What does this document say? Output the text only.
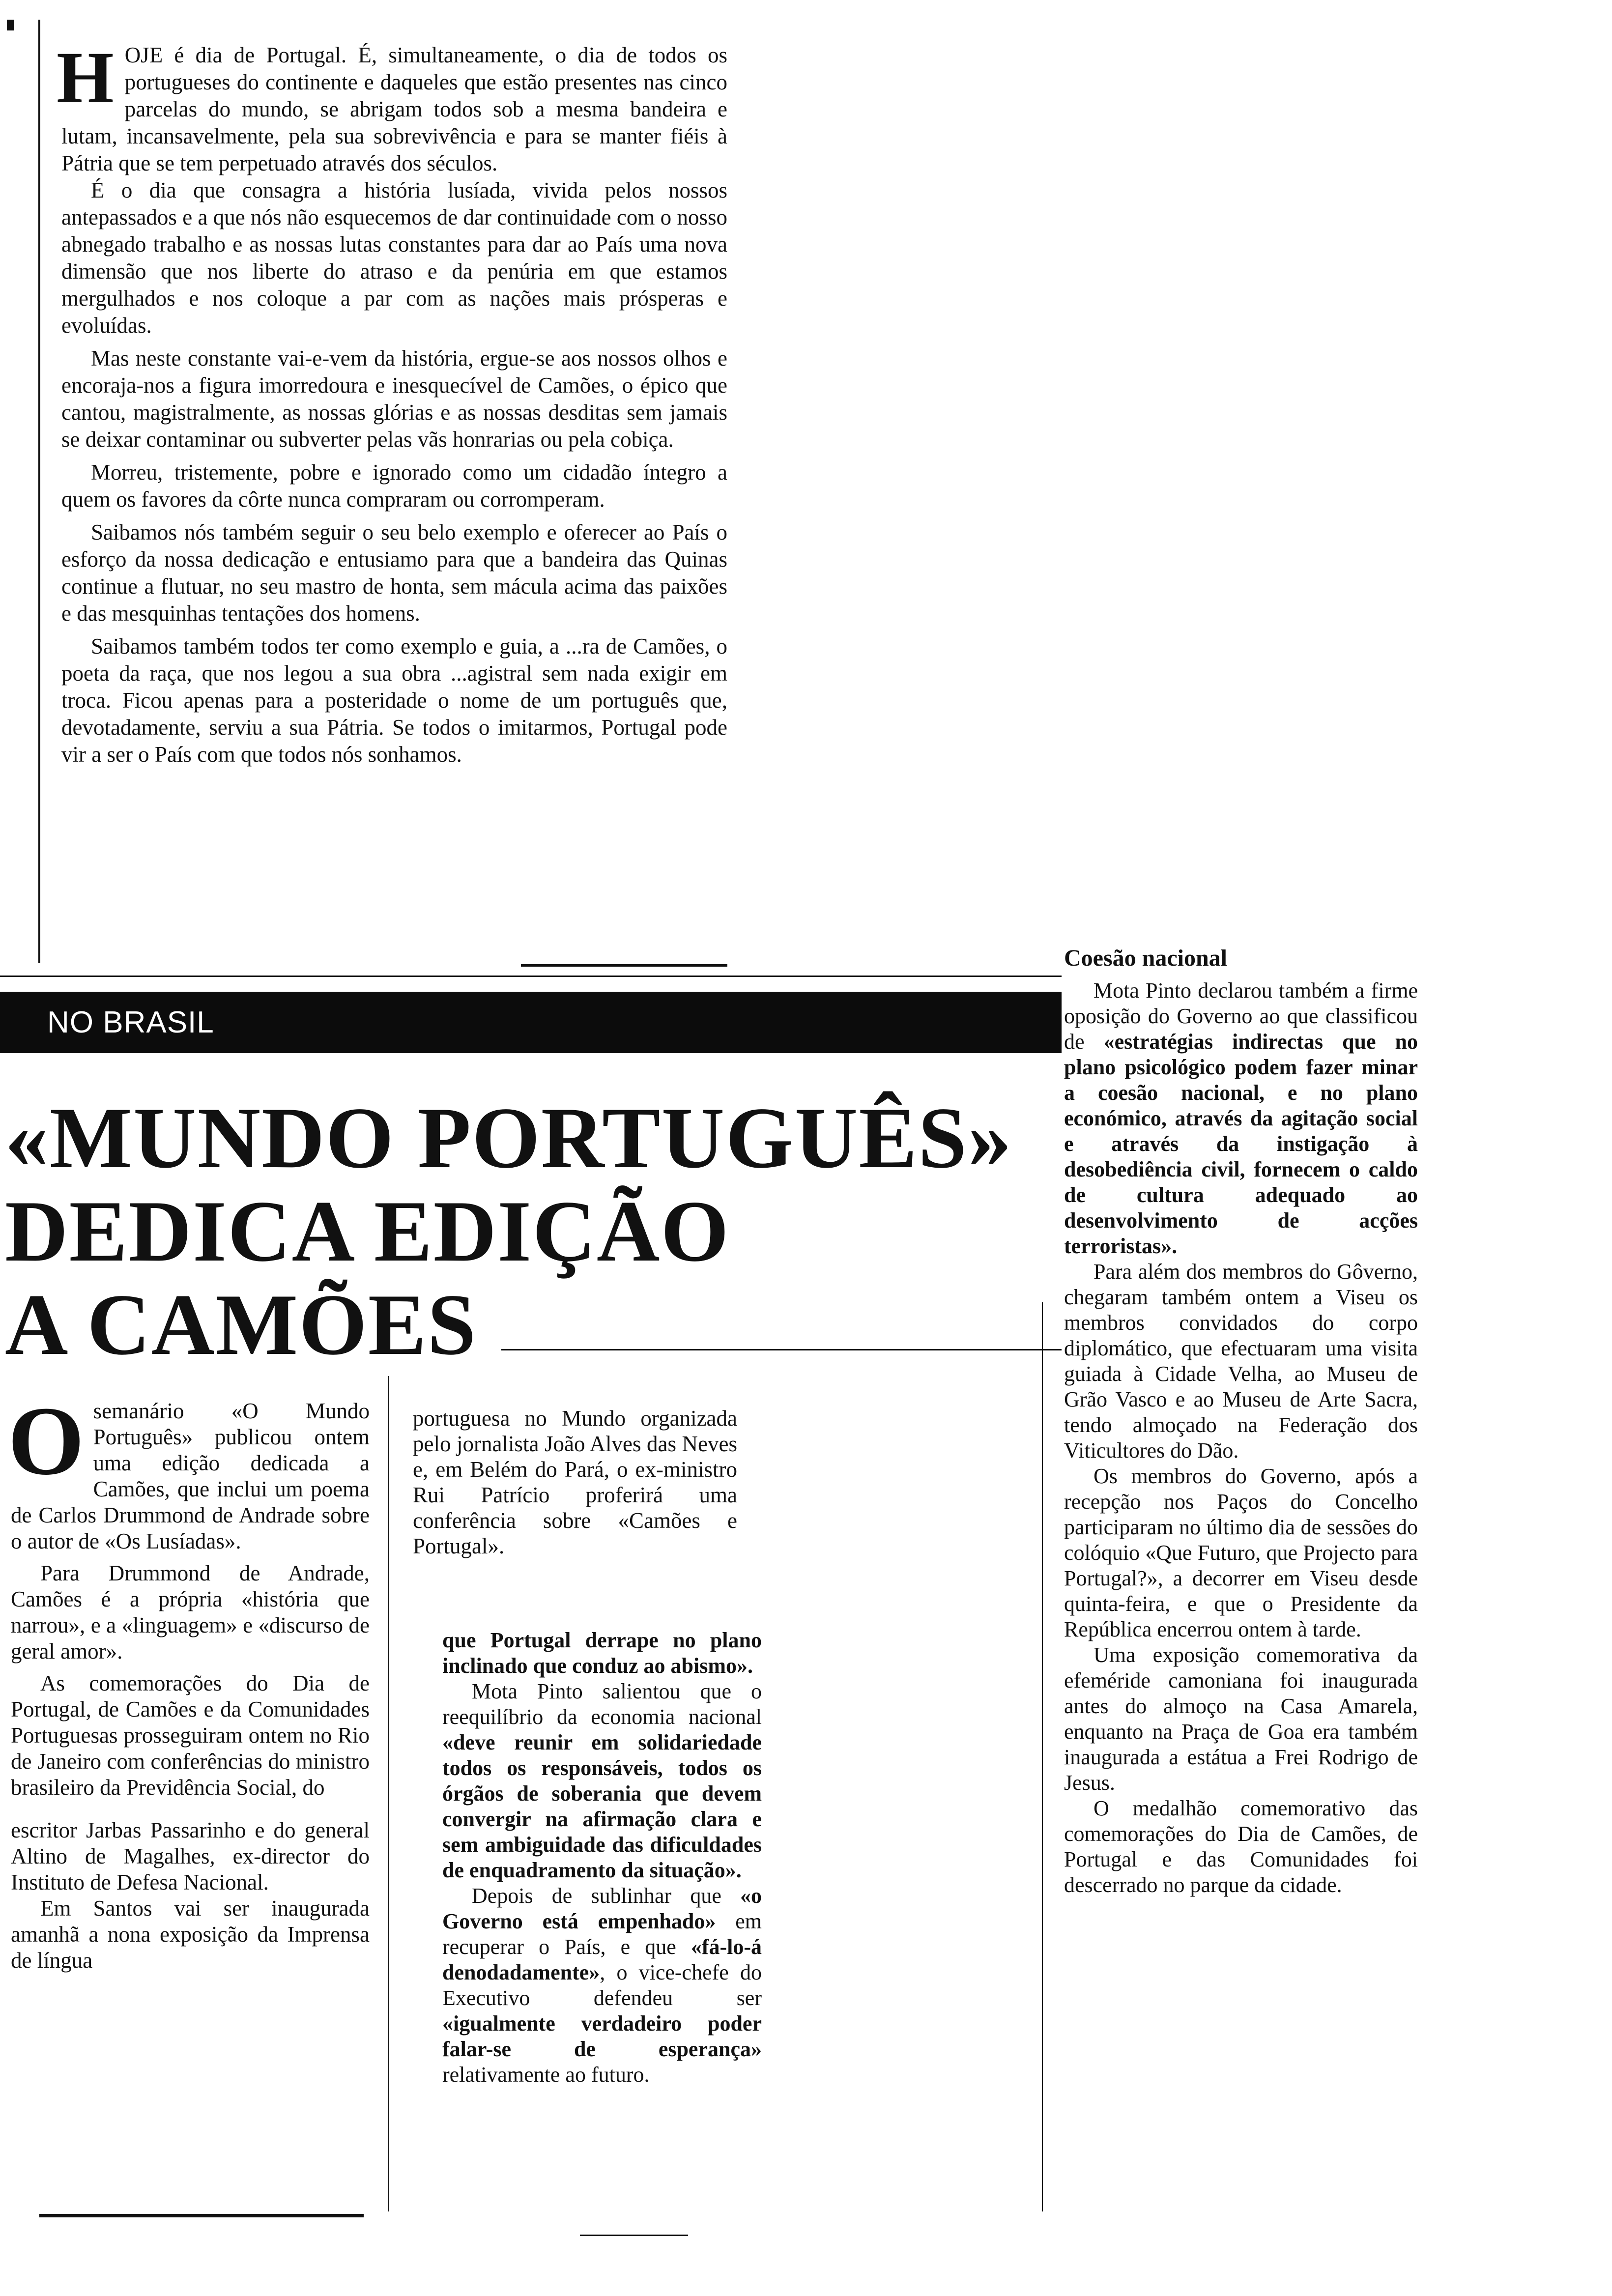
HOJE é dia de Portugal. É, simultaneamente, o dia de todos os portugueses do continente e daqueles que estão presentes nas cinco parcelas do mundo, se abrigam todos sob a mesma bandeira e lutam, incansavelmente, pela sua sobrevivência e para se manter fiéis à Pátria que se tem perpetuado através dos séculos.

É o dia que consagra a história lusíada, vivida pelos nossos antepassados e a que nós não esquecemos de dar continuidade com o nosso abnegado trabalho e as nossas lutas constantes para dar ao País uma nova dimensão que nos liberte do atraso e da penúria em que estamos mergulhados e nos coloque a par com as nações mais prósperas e evoluídas.

Mas neste constante vai-e-vem da história, ergue-se aos nossos olhos e encoraja-nos a figura imorredoura e inesquecível de Camões, o épico que cantou, magistralmente, as nossas glórias e as nossas desditas sem jamais se deixar contaminar ou subverter pelas vãs honrarias ou pela cobiça.

Morreu, tristemente, pobre e ignorado como um cidadão íntegro a quem os favores da côrte nunca compraram ou corromperam.

Saibamos nós também seguir o seu belo exemplo e oferecer ao País o esforço da nossa dedicação e entusiamo para que a bandeira das Quinas continue a flutuar, no seu mastro de honta, sem mácula acima das paixões e das mesquinhas tentações dos homens.

Saibamos também todos ter como exemplo e guia, a ...ra de Camões, o poeta da raça, que nos legou a sua obra ...agistral sem nada exigir em troca. Ficou apenas para a posteridade o nome de um português que, devotadamente, serviu a sua Pátria. Se todos o imitarmos, Portugal pode vir a ser o País com que todos nós sonhamos.

Coesão nacional

Mota Pinto declarou também a firme oposição do Governo ao que classificou de «estratégias indirectas que no plano psicológico podem fazer minar a coesão nacional, e no plano económico, através da agitação social e através da instigação à desobediência civil, fornecem o caldo de cultura adequado ao desenvolvimento de acções terroristas».

Para além dos membros do Gôverno, chegaram também ontem a Viseu os membros convidados do corpo diplomático, que efectuaram uma visita guiada à Cidade Velha, ao Museu de Grão Vasco e ao Museu de Arte Sacra, tendo almoçado na Federação dos Viticultores do Dão.

Os membros do Governo, após a recepção nos Paços do Concelho participaram no último dia de sessões do colóquio «Que Futuro, que Projecto para Portugal?», a decorrer em Viseu desde quinta-feira, e que o Presidente da República encerrou ontem à tarde.

Uma exposição comemorativa da efeméride camoniana foi inaugurada antes do almoço na Casa Amarela, enquanto na Praça de Goa era também inaugurada a estátua a Frei Rodrigo de Jesus.

O medalhão comemorativo das comemorações do Dia de Camões, de Portugal e das Comunidades foi descerrado no parque da cidade.

NO BRASIL
«MUNDO PORTUGUÊS»
DEDICA EDIÇÃO
A CAMÕES

Osemanário «O Mundo Português» publicou ontem uma edição dedicada a Camões, que inclui um poema de Carlos Drummond de Andrade sobre o autor de «Os Lusíadas».

Para Drummond de Andrade, Camões é a própria «história que narrou», e a «linguagem» e «discurso de geral amor».

As comemorações do Dia de Portugal, de Camões e da Comunidades Portuguesas prosseguiram ontem no Rio de Janeiro com conferências do ministro brasileiro da Previdência Social, do

escritor Jarbas Passarinho e do general Altino de Magalhes, ex-director do Instituto de Defesa Nacional.

Em Santos vai ser inaugurada amanhã a nona exposição da Imprensa de língua

portuguesa no Mundo organizada pelo jornalista João Alves das Neves e, em Belém do Pará, o ex-ministro Rui Patrício proferirá uma conferência sobre «Camões e Portugal».

que Portugal derrape no plano inclinado que conduz ao abismo».

Mota Pinto salientou que o reequilíbrio da economia nacional «deve reunir em solidariedade todos os responsáveis, todos os órgãos de soberania que devem convergir na afirmação clara e sem ambiguidade das dificuldades de enquadramento da situação».

Depois de sublinhar que «o Governo está empenhado» em recuperar o País, e que «fá-lo-á denodadamente», o vice-chefe do Executivo defendeu ser «igualmente verdadeiro poder falar-se de esperança» relativamente ao futuro.
